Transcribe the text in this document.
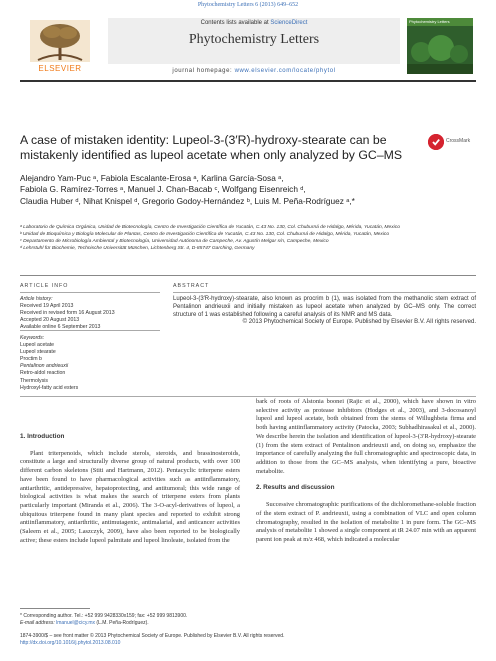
Phytochemistry Letters 6 (2013) 649–652
ELSEVIER
Contents lists available at ScienceDirect
Phytochemistry Letters
journal homepage: www.elsevier.com/locate/phytol
Phytochemistry Letters
A case of mistaken identity: Lupeol-3-(3′R)-hydroxy-stearate can be mistakenly identified as lupeol acetate when only analyzed by GC–MS
CrossMark
Alejandro Yam-Puc ᵃ, Fabiola Escalante-Erosa ᵃ, Karlina García-Sosa ᵃ,
Fabiola G. Ramírez-Torres ᵃ, Manuel J. Chan-Bacab ᶜ, Wolfgang Eisenreich ᵈ,
Claudia Huber ᵈ, Nihat Knispel ᵈ, Gregorio Godoy-Hernández ᵇ, Luis M. Peña-Rodríguez ᵃ,*
ᵃ Laboratorio de Química Orgánica, Unidad de Biotecnología, Centro de Investigación Científica de Yucatán, C.43 No. 130, Col. Chuburná de Hidalgo, Mérida, Yucatán, Mexico
ᵇ Unidad de Bioquímica y Biología Molecular de Plantas, Centro de Investigación Científica de Yucatán, C.43 No. 130, Col. Chuburná de Hidalgo, Mérida, Yucatán, Mexico
ᶜ Departamento de Microbiología Ambiental y Biotecnología, Universidad Autónoma de Campeche, Av. Agustín Melgar s/n, Campeche, Mexico
ᵈ Lehrstuhl für Biochemie, Technische Universität München, Lichtenberg Str. 4, D-85747 Garching, Germany
ARTICLE INFO
Article history:
Received 19 April 2013
Received in revised form 16 August 2013
Accepted 20 August 2013
Available online 6 September 2013
Keywords:
Lupeol acetate
Lupeol stearate
Proctim b
Pentalinon andrieuxii
Retro-aldol reaction
Thermolysis
Hydroxyl-fatty acid esters
ABSTRACT
Lupeol-3-(3′R-hydroxy)-stearate, also known as procrim b (1), was isolated from the methanolic stem extract of Pentalinon andrieuxii and initially mistaken as lupeol acetate when analyzed by GC–MS only. The correct structure of 1 was established following a careful analysis of its NMR and MS data.
© 2013 Phytochemical Society of Europe. Published by Elsevier B.V. All rights reserved.
1. Introduction
Plant triterpenoids, which include sterols, steroids, and brassinosteroids, constitute a large and structurally diverse group of natural products, with over 100 different carbon skeletons (Stiti and Hartmann, 2012). Pentacyclic triterpene esters have been found to have pharmacological activities such as antiinflammatory, antiarthritic, antidepressive, hepatoprotecting, and antitumoral; this wide range of biological activities is what makes the search of triterpene esters from plants particularly important (Miranda et al., 2006). The 3-O-acyl-derivatives of lupeol, a ubiquitous triterpene found in many plant species and reported to exhibit strong antiinflammatory, antiarthritic, antimutagenic, antimalarial, and anticancer activities (Saleem et al., 2005; Laszczyk, 2009), have also been reported to be biologically active; these esters include lupeol palmitate and lupeol linoleate, isolated from the
bark of roots of Alstonia boonei (Rajic et al., 2000), which have shown in vitro selective activity as protease inhibitors (Hodges et al., 2003), and 3-docosanoyl lupeol and lupeol acetate, both obtained from the stems of Willughbeia firma and both having antiinflammatory activity (Patocka, 2003; Subhadhirasakul et al., 2000). We describe herein the isolation and identification of lupeol-3-(3′R-hydroxy)-stearate (1) from the stem extract of Pentalinon andrieuxii and, on doing so, emphasize the importance of carefully analyzing the full chromatographic and spectroscopic data, in addition to those from the GC–MS analysis, when identifying a pure, bioactive metabolite.
2. Results and discussion
Successive chromatographic purifications of the dichloromethane-soluble fraction of the stem extract of P. andrieuxii, using a combination of VLC and open column chromatography, resulted in the isolation of metabolite 1 in pure form. The GC–MS analysis of metabolite 1 showed a single component at tR 24.07 min with an apparent parent ion peak at m/z 468, which indicated a molecular
* Corresponding author. Tel.: +52 999 9428330x159; fax: +52 999 9813900.
E-mail address: lmanuel@cicy.mx (L.M. Peña-Rodríguez).
1874-3900/$ – see front matter © 2013 Phytochemical Society of Europe. Published by Elsevier B.V. All rights reserved.
http://dx.doi.org/10.1016/j.phytol.2013.08.010
